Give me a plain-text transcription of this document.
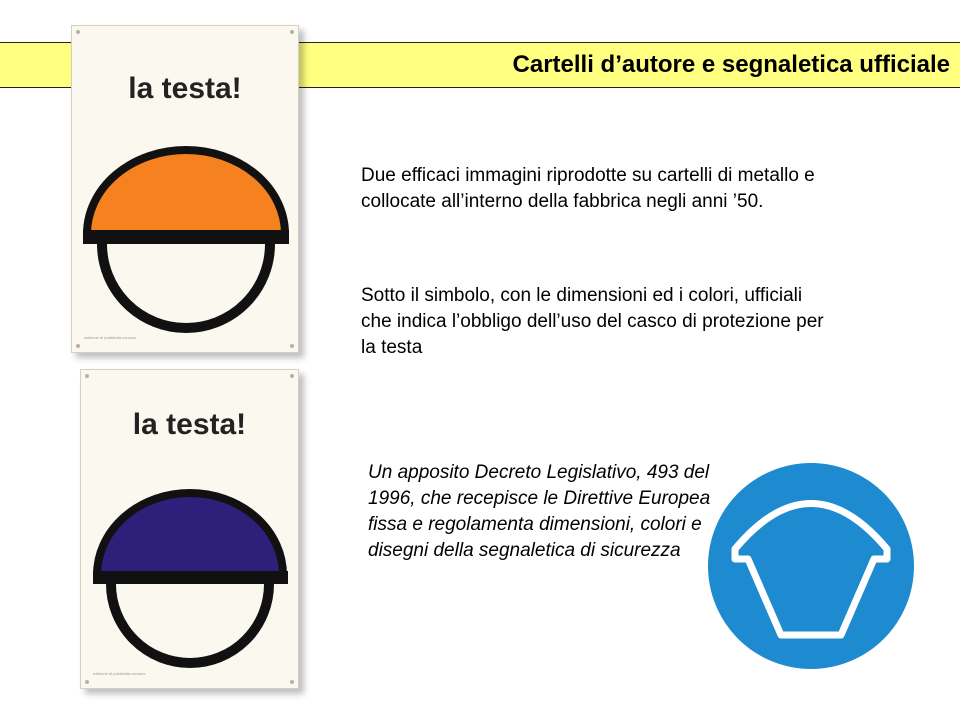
Cartelli d’autore e segnaletica ufficiale
la testa!
edizione di pubblicità comune
la testa!
edizione di pubblicità comune

Due efficaci immagini riprodotte su cartelli di metallo e collocate all’interno della fabbrica negli anni ’50.

Sotto il simbolo, con le dimensioni ed i colori, ufficiali che indica l’obbligo dell’uso del casco di protezione per la testa

Un apposito Decreto Legislativo, 493 del 1996, che recepisce le Direttive Europea fissa e regolamenta dimensioni, colori e disegni della segnaletica di sicurezza
